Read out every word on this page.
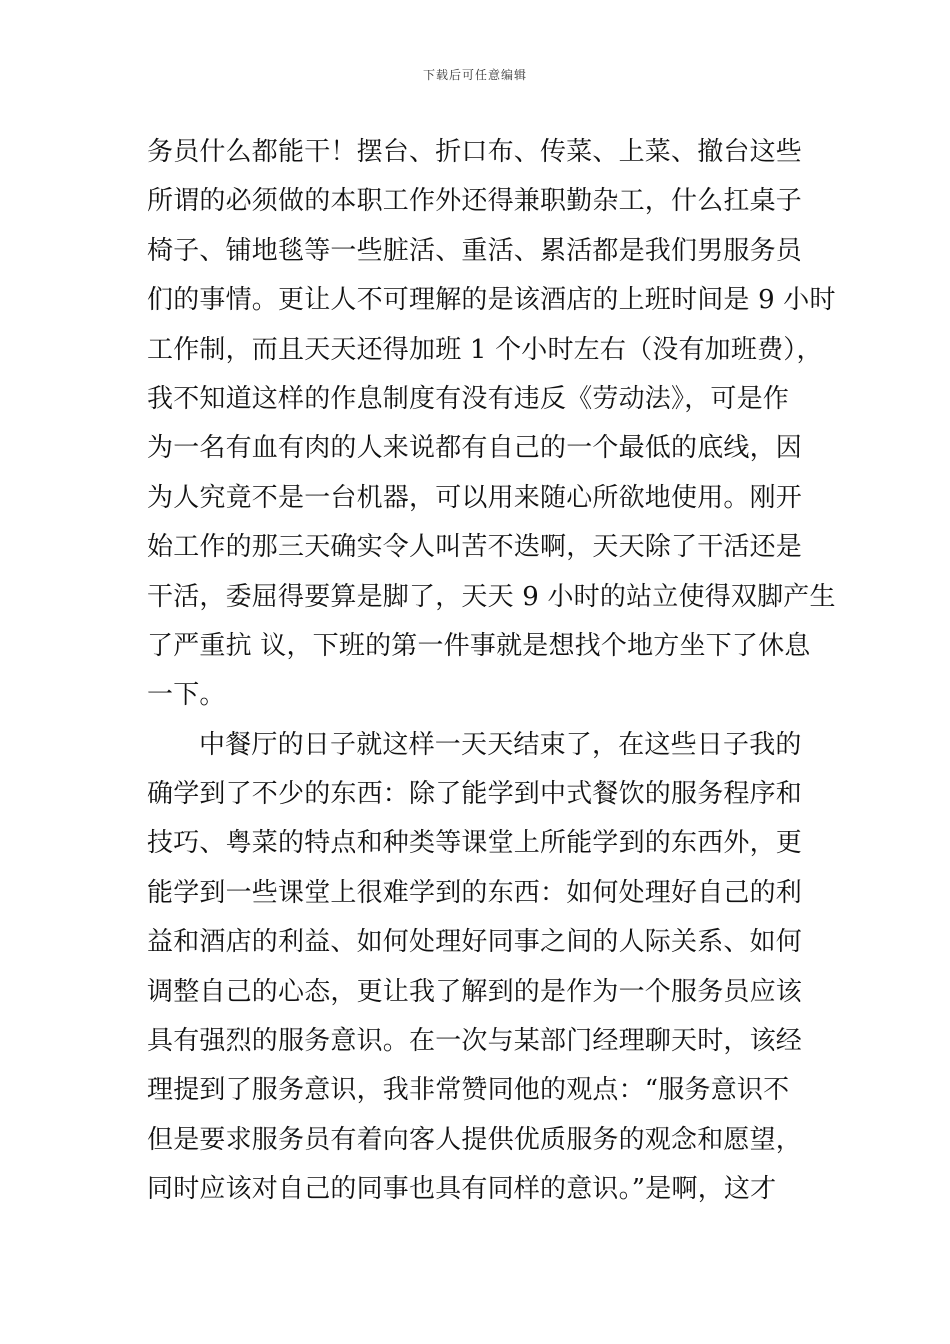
下载后可任意编辑
务员什么都能干！摆台、折口布、传菜、上菜、撤台这些
所谓的必须做的本职工作外还得兼职勤杂工，什么扛桌子
椅子、铺地毯等一些脏活、重活、累活都是我们男服务员
们的事情。更让人不可理解的是该酒店的上班时间是 9 小时
工作制，而且天天还得加班 1 个小时左右（没有加班费），
我不知道这样的作息制度有没有违反《劳动法》，可是作
为一名有血有肉的人来说都有自己的一个最低的底线，因
为人究竟不是一台机器，可以用来随心所欲地使用。刚开
始工作的那三天确实令人叫苦不迭啊，天天除了干活还是
干活，委屈得要算是脚了，天天 9 小时的站立使得双脚产生
了严重抗 议，下班的第一件事就是想找个地方坐下了休息
一下。
中餐厅的日子就这样一天天结束了，在这些日子我的
确学到了不少的东西：除了能学到中式餐饮的服务程序和
技巧、粤菜的特点和种类等课堂上所能学到的东西外，更
能学到一些课堂上很难学到的东西：如何处理好自己的利
益和酒店的利益、如何处理好同事之间的人际关系、如何
调整自己的心态，更让我了解到的是作为一个服务员应该
具有强烈的服务意识。在一次与某部门经理聊天时，该经
理提到了服务意识，我非常赞同他的观点：“服务意识不
但是要求服务员有着向客人提供优质服务的观念和愿望，
同时应该对自己的同事也具有同样的意识。”是啊，这才
